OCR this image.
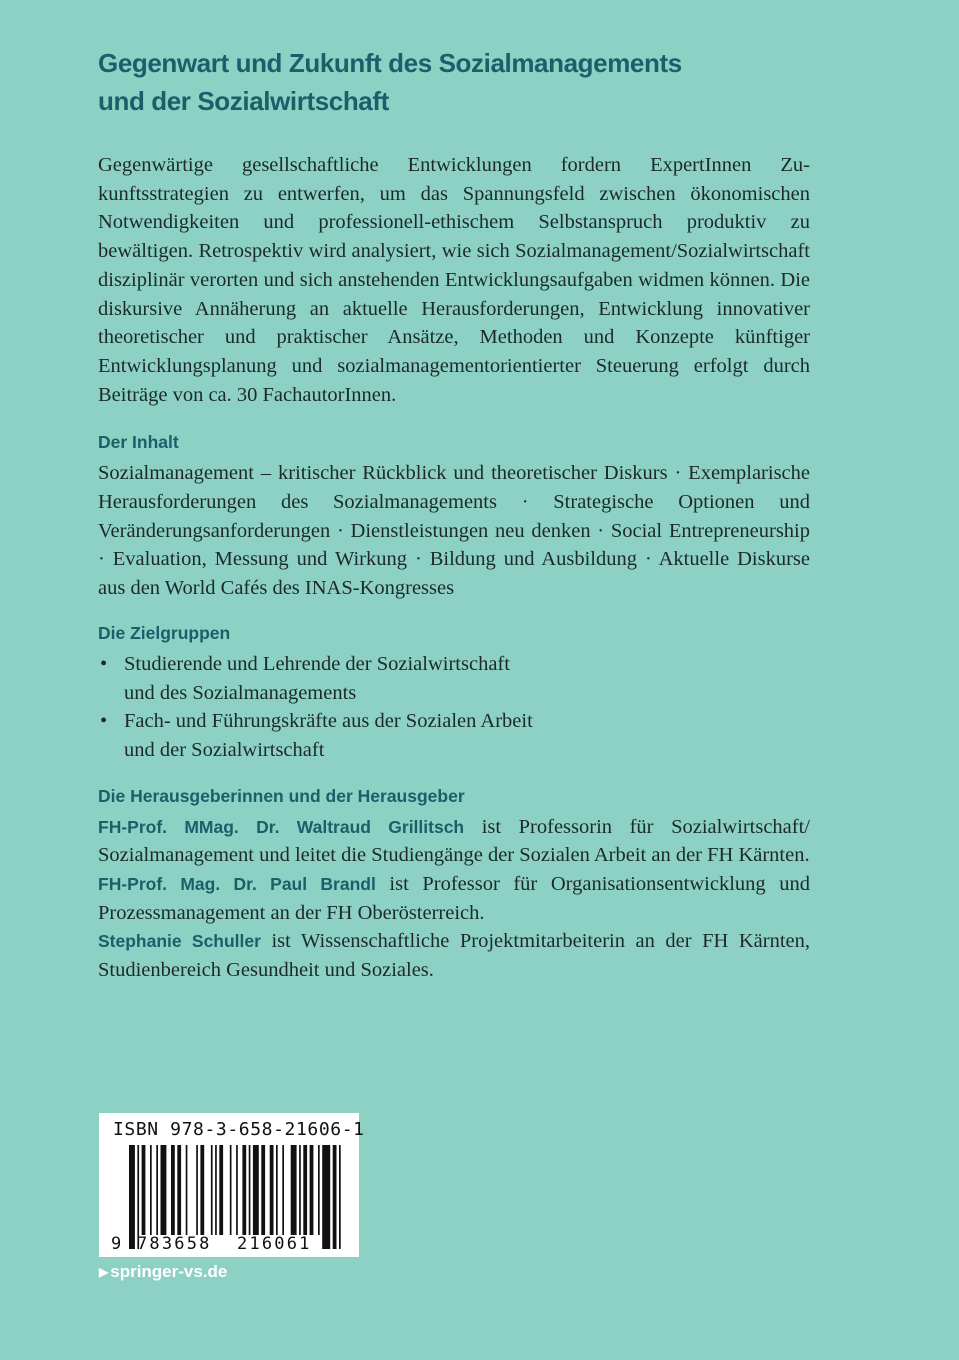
Gegenwart und Zukunft des Sozialmanagements
und der Sozialwirtschaft

Gegenwärtige gesellschaftliche Entwicklungen fordern ExpertInnen Zukunftsstrategien zu entwerfen, um das Spannungsfeld zwischen ökonomischen Notwendigkeiten und professionell-ethischem Selbstanspruch produktiv zu bewältigen. Retrospektiv wird analysiert, wie sich Sozialmanagement/Sozialwirtschaft disziplinär verorten und sich anstehenden Entwicklungsaufgaben widmen können. Die diskursive Annäherung an aktuelle Herausforderungen, Entwicklung innovativer theoretischer und praktischer Ansätze, Methoden und Konzepte künftiger Entwicklungsplanung und sozialmanagementorientierter Steuerung erfolgt durch Beiträge von ca. 30 FachautorInnen.

Der Inhalt

Sozialmanagement – kritischer Rückblick und theoretischer Diskurs · Exemplarische Herausforderungen des Sozialmanagements · Strategische Optionen und Veränderungsanforderungen · Dienstleistungen neu denken · Social Entrepreneurship · Evaluation, Messung und Wirkung · Bildung und Ausbildung · Aktuelle Diskurse aus den World Cafés des INAS-Kongresses

Die Zielgruppen
• Studierende und Lehrende der Sozialwirtschaft
und des Sozialmanagements
• Fach- und Führungskräfte aus der Sozialen Arbeit
und der Sozialwirtschaft
Die Herausgeberinnen und der Herausgeber

FH-Prof. MMag. Dr. Waltraud Grillitsch ist Professorin für Sozialwirtschaft/ Sozialmanagement und leitet die Studiengänge der Sozialen Arbeit an der FH Kärnten.

FH-Prof. Mag. Dr. Paul Brandl ist Professor für Organisationsentwicklung und Prozessmanagement an der FH Oberösterreich.

Stephanie Schuller ist Wissenschaftliche Projektmitarbeiterin an der FH Kärnten, Studienbereich Gesundheit und Soziales.

ISBN 978-3-658-21606-1
9 783658 216061
▶ springer-vs.de
